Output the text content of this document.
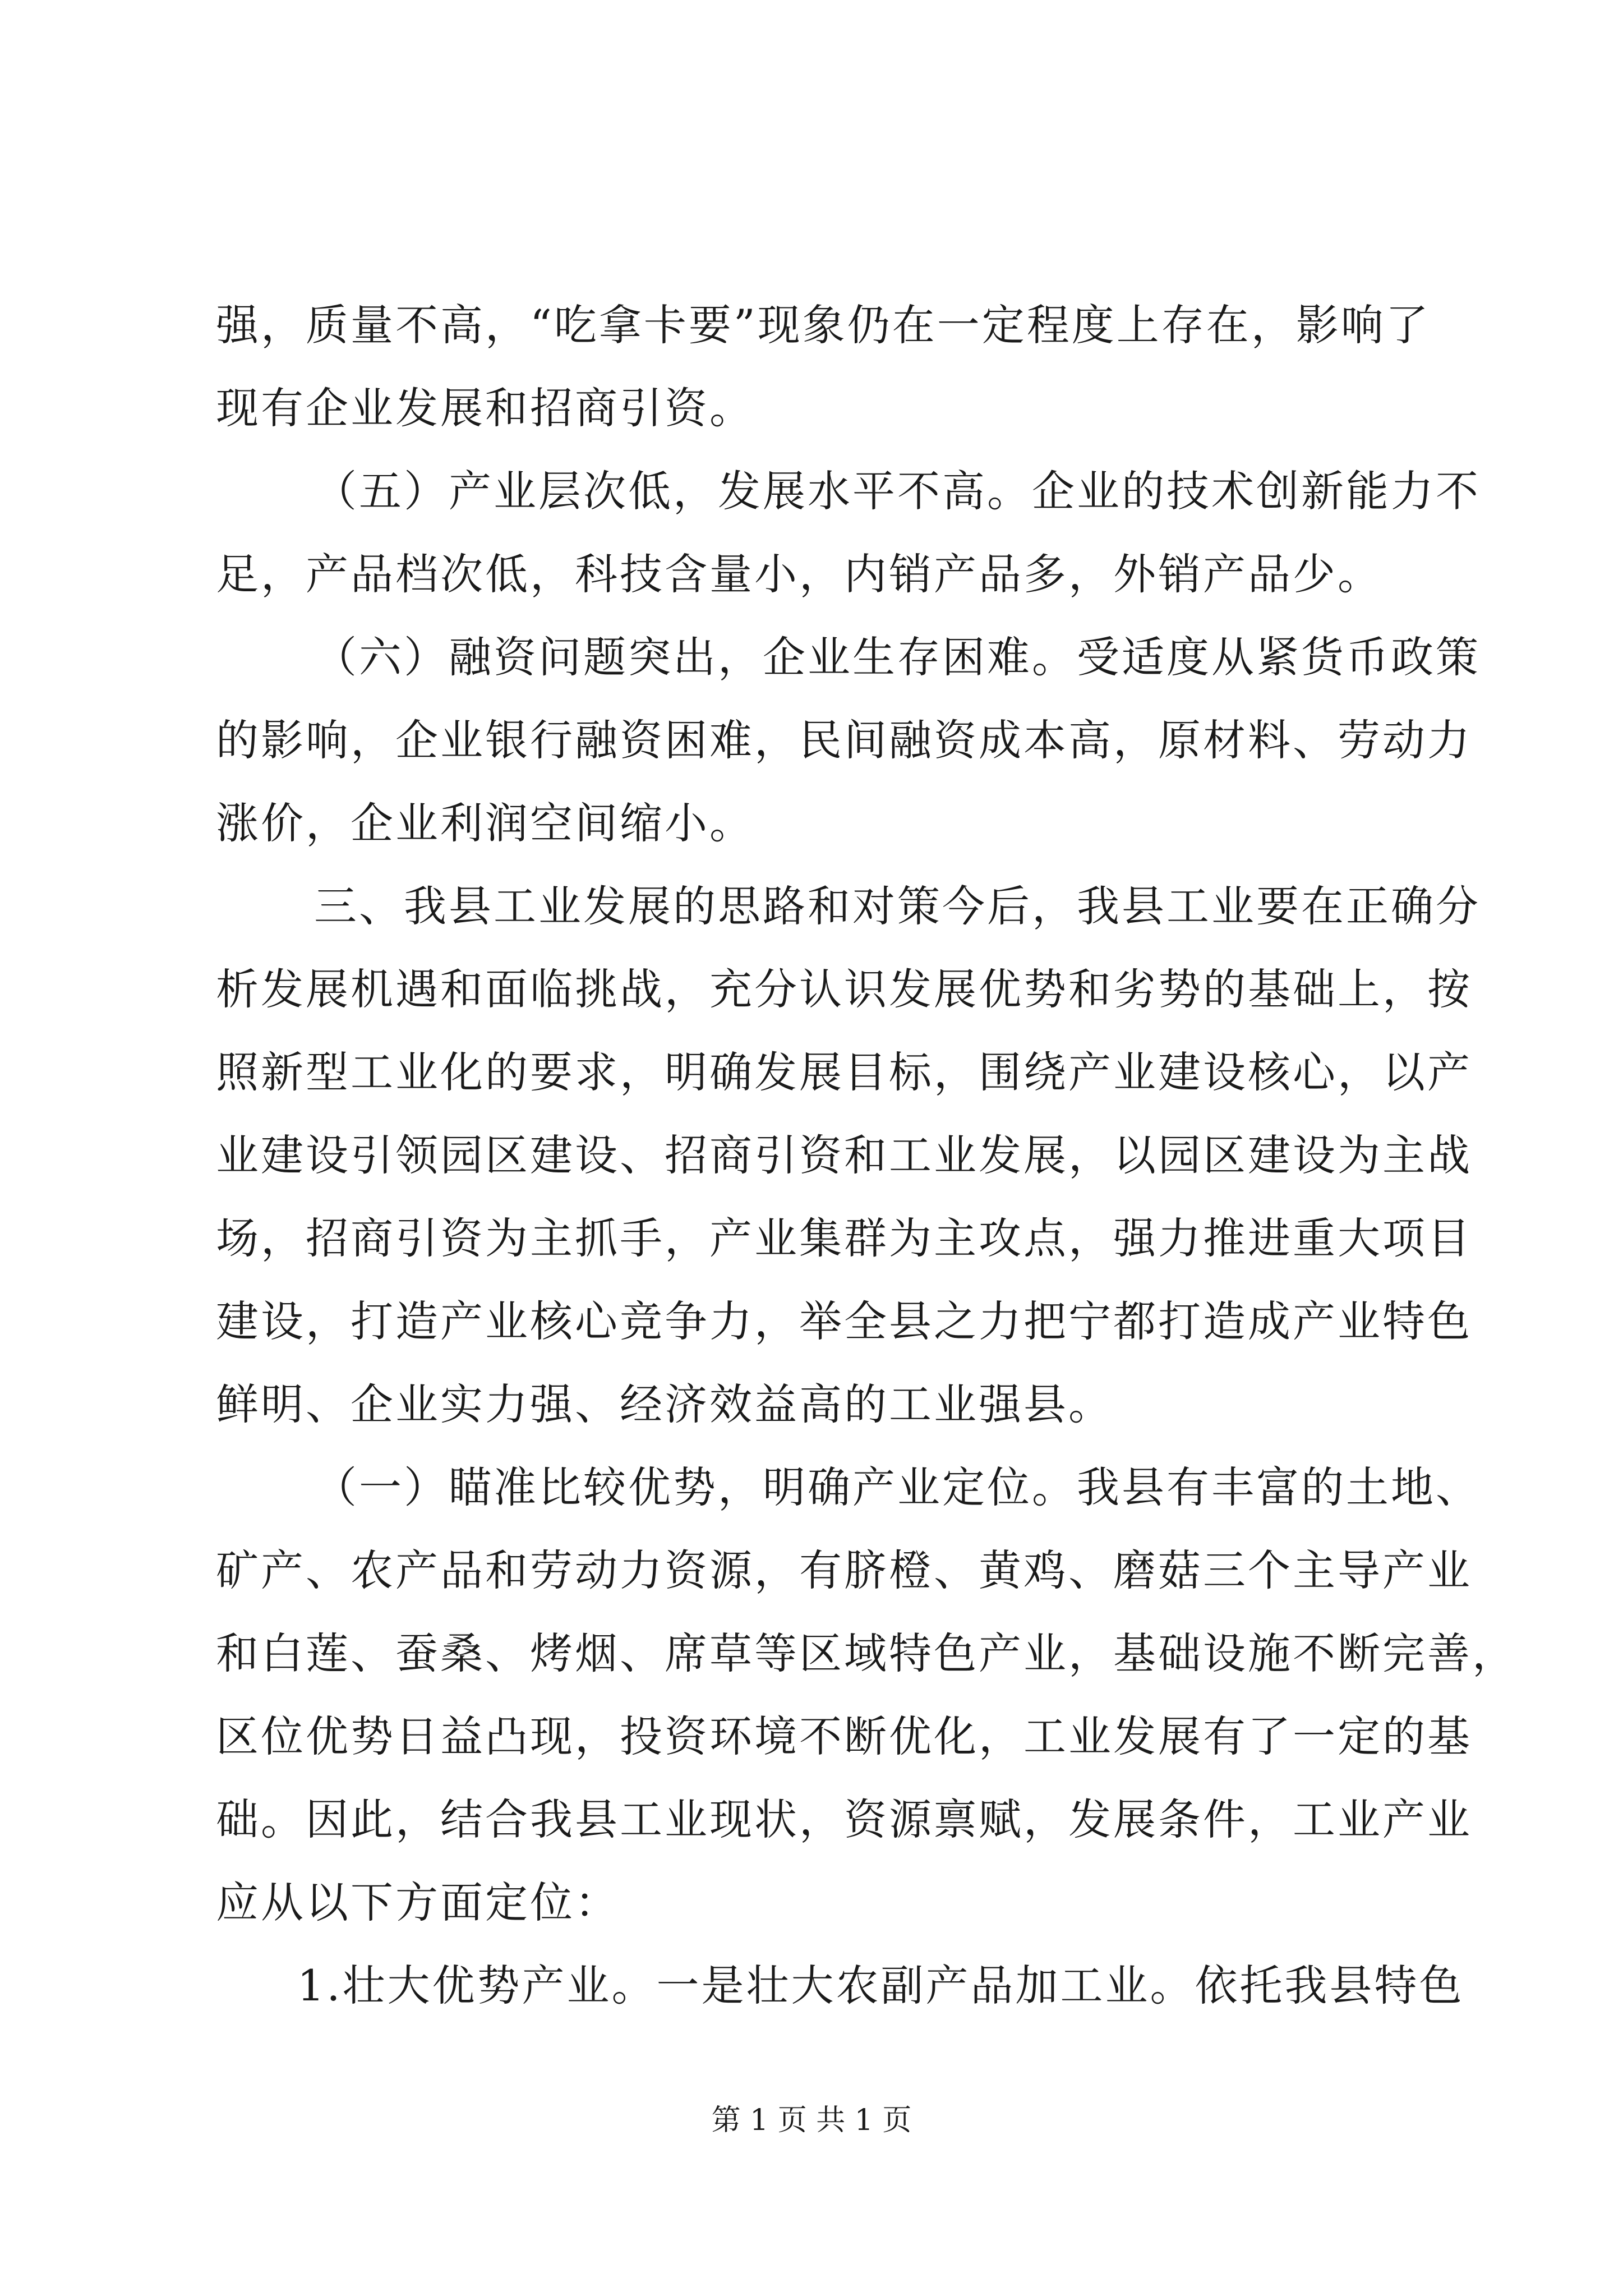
强，质量不高，“吃拿卡要”现象仍在一定程度上存在，影响了
现有企业发展和招商引资。
（五）产业层次低，发展水平不高。企业的技术创新能力不
足，产品档次低，科技含量小，内销产品多，外销产品少。
（六）融资问题突出，企业生存困难。受适度从紧货币政策
的影响，企业银行融资困难，民间融资成本高，原材料、劳动力
涨价，企业利润空间缩小。
三、我县工业发展的思路和对策今后，我县工业要在正确分
析发展机遇和面临挑战，充分认识发展优势和劣势的基础上，按
照新型工业化的要求，明确发展目标，围绕产业建设核心，以产
业建设引领园区建设、招商引资和工业发展，以园区建设为主战
场，招商引资为主抓手，产业集群为主攻点，强力推进重大项目
建设，打造产业核心竞争力，举全县之力把宁都打造成产业特色
鲜明、企业实力强、经济效益高的工业强县。
（一）瞄准比较优势，明确产业定位。我县有丰富的土地、
矿产、农产品和劳动力资源，有脐橙、黄鸡、磨菇三个主导产业
和白莲、蚕桑、烤烟、席草等区域特色产业，基础设施不断完善，
区位优势日益凸现，投资环境不断优化，工业发展有了一定的基
础。因此，结合我县工业现状，资源禀赋，发展条件，工业产业
应从以下方面定位：
1.壮大优势产业。一是壮大农副产品加工业。依托我县特色
第 1 页 共 1 页
